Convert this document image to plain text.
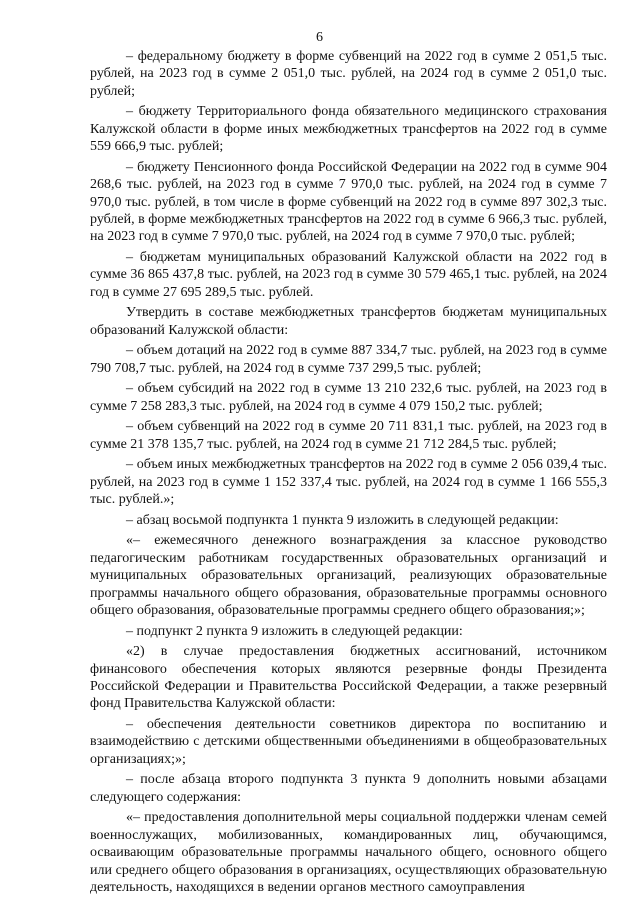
6

– федеральному бюджету в форме субвенций на 2022 год в сумме 2 051,5 тыс. рублей, на 2023 год в сумме 2 051,0 тыс. рублей, на 2024 год в сумме 2 051,0 тыс. рублей;

– бюджету Территориального фонда обязательного медицинского страхования Калужской области в форме иных межбюджетных трансфертов на 2022 год в сумме 559 666,9 тыс. рублей;

– бюджету Пенсионного фонда Российской Федерации на 2022 год в сумме 904 268,6 тыс. рублей, на 2023 год в сумме 7 970,0 тыс. рублей, на 2024 год в сумме 7 970,0 тыс. рублей, в том числе в форме субвенций на 2022 год в сумме 897 302,3 тыс. рублей, в форме межбюджетных трансфертов на 2022 год в сумме 6 966,3 тыс. рублей, на 2023 год в сумме 7 970,0 тыс. рублей, на 2024 год в сумме 7 970,0 тыс. рублей;

– бюджетам муниципальных образований Калужской области на 2022 год в сумме 36 865 437,8 тыс. рублей, на 2023 год в сумме 30 579 465,1 тыс. рублей, на 2024 год в сумме 27 695 289,5 тыс. рублей.

Утвердить в составе межбюджетных трансфертов бюджетам муниципальных образований Калужской области:

– объем дотаций на 2022 год в сумме 887 334,7 тыс. рублей, на 2023 год в сумме 790 708,7 тыс. рублей, на 2024 год в сумме 737 299,5 тыс. рублей;

– объем субсидий на 2022 год в сумме 13 210 232,6 тыс. рублей, на 2023 год в сумме 7 258 283,3 тыс. рублей, на 2024 год в сумме 4 079 150,2 тыс. рублей;

– объем субвенций на 2022 год в сумме 20 711 831,1 тыс. рублей, на 2023 год в сумме 21 378 135,7 тыс. рублей, на 2024 год в сумме 21 712 284,5 тыс. рублей;

– объем иных межбюджетных трансфертов на 2022 год в сумме 2 056 039,4 тыс. рублей, на 2023 год в сумме 1 152 337,4 тыс. рублей, на 2024 год в сумме 1 166 555,3 тыс. рублей.»;

– абзац восьмой подпункта 1 пункта 9 изложить в следующей редакции:

«– ежемесячного денежного вознаграждения за классное руководство педагогическим работникам государственных образовательных организаций и муниципальных образовательных организаций, реализующих образовательные программы начального общего образования, образовательные программы основного общего образования, образовательные программы среднего общего образования;»;

– подпункт 2 пункта 9 изложить в следующей редакции:

«2) в случае предоставления бюджетных ассигнований, источником финансового обеспечения которых являются резервные фонды Президента Российской Федерации и Правительства Российской Федерации, а также резервный фонд Правительства Калужской области:

– обеспечения деятельности советников директора по воспитанию и взаимодействию с детскими общественными объединениями в общеобразовательных организациях;»;

– после абзаца второго подпункта 3 пункта 9 дополнить новыми абзацами следующего содержания:

«– предоставления дополнительной меры социальной поддержки членам семей военнослужащих, мобилизованных, командированных лиц, обучающимся, осваивающим образовательные программы начального общего, основного общего или среднего общего образования в организациях, осуществляющих образовательную деятельность, находящихся в ведении органов местного самоуправления
